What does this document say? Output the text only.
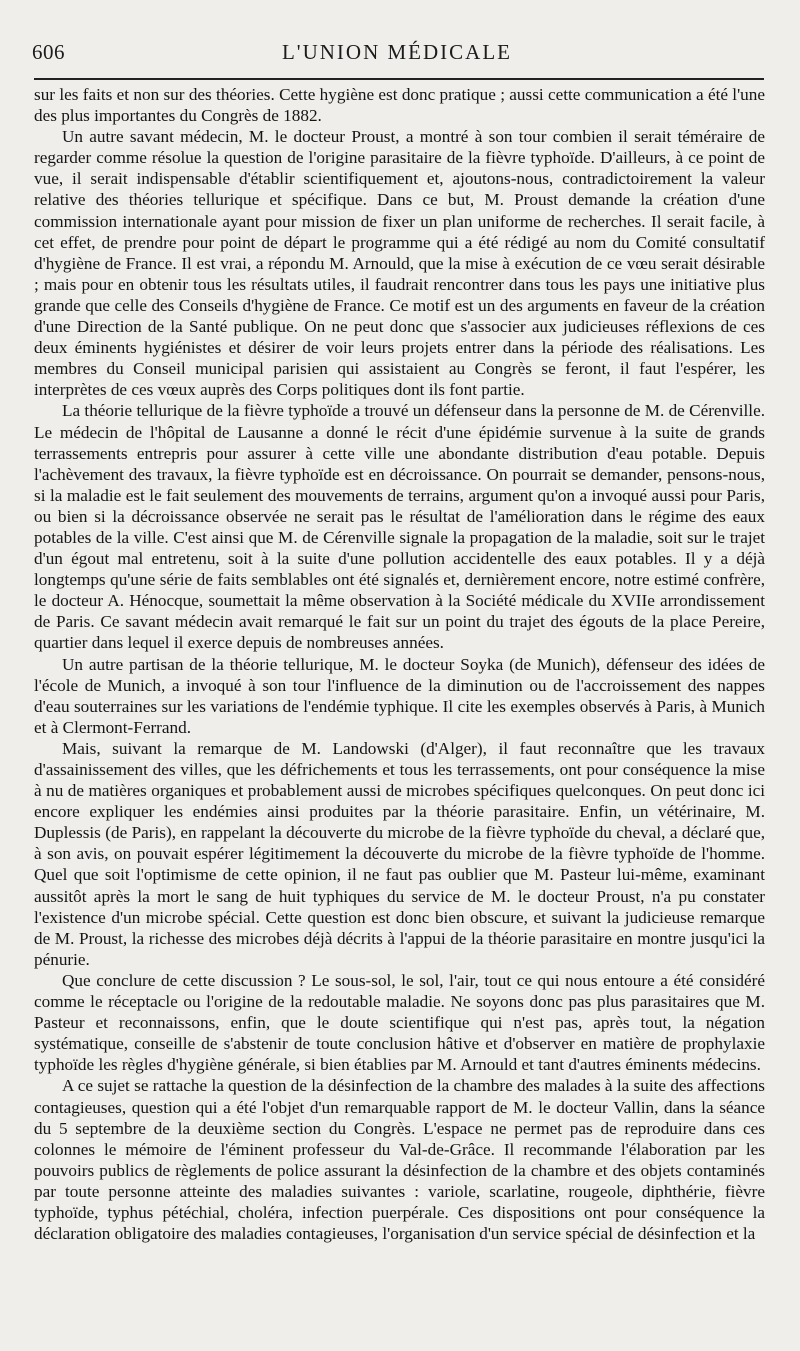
606	L'UNION MÉDICALE

sur les faits et non sur des théories. Cette hygiène est donc pratique ; aussi cette communication a été l'une des plus importantes du Congrès de 1882.

Un autre savant médecin, M. le docteur Proust, a montré à son tour combien il serait téméraire de regarder comme résolue la question de l'origine parasitaire de la fièvre typhoïde. D'ailleurs, à ce point de vue, il serait indispensable d'établir scientifiquement et, ajoutons-nous, contradictoirement la valeur relative des théories tellurique et spécifique. Dans ce but, M. Proust demande la création d'une commission internationale ayant pour mission de fixer un plan uniforme de recherches. Il serait facile, à cet effet, de prendre pour point de départ le programme qui a été rédigé au nom du Comité consultatif d'hygiène de France. Il est vrai, a répondu M. Arnould, que la mise à exécution de ce vœu serait désirable ; mais pour en obtenir tous les résultats utiles, il faudrait rencontrer dans tous les pays une initiative plus grande que celle des Conseils d'hygiène de France. Ce motif est un des arguments en faveur de la création d'une Direction de la Santé publique. On ne peut donc que s'associer aux judicieuses réflexions de ces deux éminents hygiénistes et désirer de voir leurs projets entrer dans la période des réalisations. Les membres du Conseil municipal parisien qui assistaient au Congrès se feront, il faut l'espérer, les interprètes de ces vœux auprès des Corps politiques dont ils font partie.

La théorie tellurique de la fièvre typhoïde a trouvé un défenseur dans la personne de M. de Cérenville. Le médecin de l'hôpital de Lausanne a donné le récit d'une épidémie survenue à la suite de grands terrassements entrepris pour assurer à cette ville une abondante distribution d'eau potable. Depuis l'achèvement des travaux, la fièvre typhoïde est en décroissance. On pourrait se demander, pensons-nous, si la maladie est le fait seulement des mouvements de terrains, argument qu'on a invoqué aussi pour Paris, ou bien si la décroissance observée ne serait pas le résultat de l'amélioration dans le régime des eaux potables de la ville. C'est ainsi que M. de Cérenville signale la propagation de la maladie, soit sur le trajet d'un égout mal entretenu, soit à la suite d'une pollution accidentelle des eaux potables. Il y a déjà longtemps qu'une série de faits semblables ont été signalés et, dernièrement encore, notre estimé confrère, le docteur A. Hénocque, soumettait la même observation à la Société médicale du XVIIe arrondissement de Paris. Ce savant médecin avait remarqué le fait sur un point du trajet des égouts de la place Pereire, quartier dans lequel il exerce depuis de nombreuses années.

Un autre partisan de la théorie tellurique, M. le docteur Soyka (de Munich), défenseur des idées de l'école de Munich, a invoqué à son tour l'influence de la diminution ou de l'accroissement des nappes d'eau souterraines sur les variations de l'endémie typhique. Il cite les exemples observés à Paris, à Munich et à Clermont-Ferrand.

Mais, suivant la remarque de M. Landowski (d'Alger), il faut reconnaître que les travaux d'assainissement des villes, que les défrichements et tous les terrassements, ont pour conséquence la mise à nu de matières organiques et probablement aussi de microbes spécifiques quelconques. On peut donc ici encore expliquer les endémies ainsi produites par la théorie parasitaire. Enfin, un vétérinaire, M. Duplessis (de Paris), en rappelant la découverte du microbe de la fièvre typhoïde du cheval, a déclaré que, à son avis, on pouvait espérer légitimement la découverte du microbe de la fièvre typhoïde de l'homme. Quel que soit l'optimisme de cette opinion, il ne faut pas oublier que M. Pasteur lui-même, examinant aussitôt après la mort le sang de huit typhiques du service de M. le docteur Proust, n'a pu constater l'existence d'un microbe spécial. Cette question est donc bien obscure, et suivant la judicieuse remarque de M. Proust, la richesse des microbes déjà décrits à l'appui de la théorie parasitaire en montre jusqu'ici la pénurie.

Que conclure de cette discussion ? Le sous-sol, le sol, l'air, tout ce qui nous entoure a été considéré comme le réceptacle ou l'origine de la redoutable maladie. Ne soyons donc pas plus parasitaires que M. Pasteur et reconnaissons, enfin, que le doute scientifique qui n'est pas, après tout, la négation systématique, conseille de s'abstenir de toute conclusion hâtive et d'observer en matière de prophylaxie typhoïde les règles d'hygiène générale, si bien établies par M. Arnould et tant d'autres éminents médecins.

A ce sujet se rattache la question de la désinfection de la chambre des malades à la suite des affections contagieuses, question qui a été l'objet d'un remarquable rapport de M. le docteur Vallin, dans la séance du 5 septembre de la deuxième section du Congrès. L'espace ne permet pas de reproduire dans ces colonnes le mémoire de l'éminent professeur du Val-de-Grâce. Il recommande l'élaboration par les pouvoirs publics de règlements de police assurant la désinfection de la chambre et des objets contaminés par toute personne atteinte des maladies suivantes : variole, scarlatine, rougeole, diphthérie, fièvre typhoïde, typhus pétéchial, choléra, infection puerpérale. Ces dispositions ont pour conséquence la déclaration obligatoire des maladies contagieuses, l'organisation d'un service spécial de désinfection et la
